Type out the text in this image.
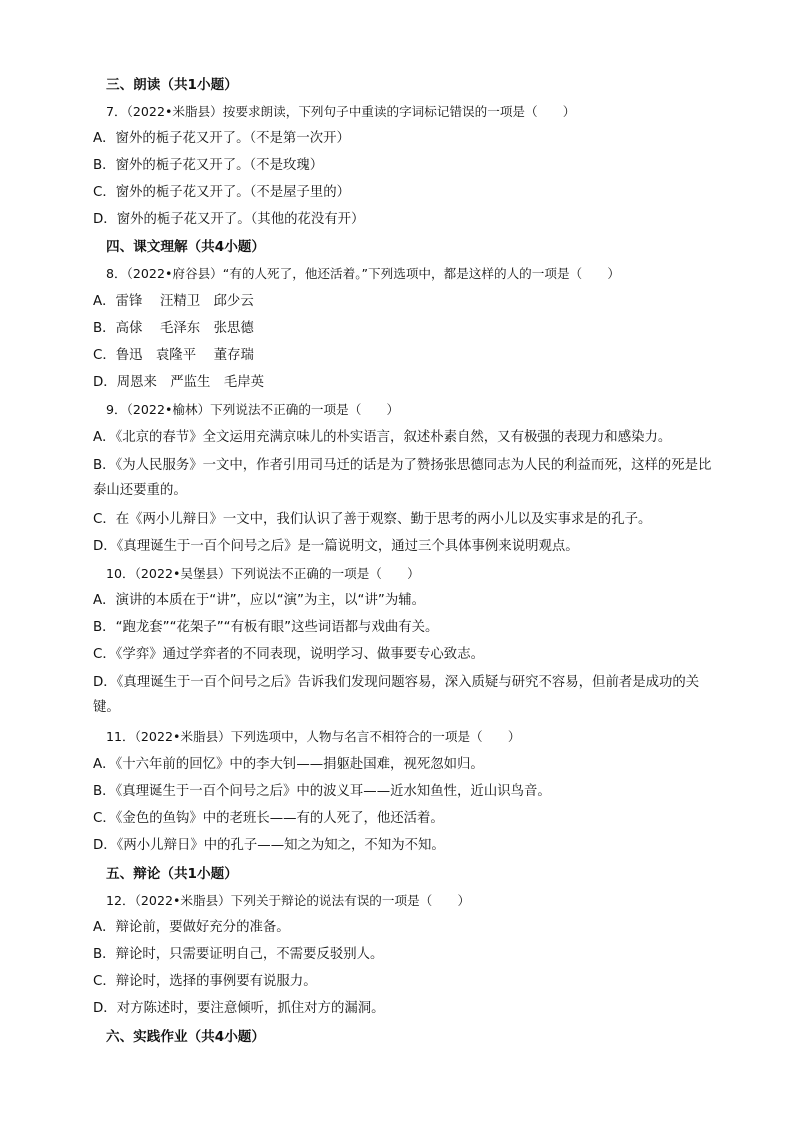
三、朗读（共1小题）
7．（2022•米脂县）按要求朗读，下列句子中重读的字词标记错误的一项是（　　）
A．窗外的栀子花又开了。（不是第一次开）
B．窗外的栀子花又开了。（不是玫瑰）
C．窗外的栀子花又开了。（不是屋子里的）
D．窗外的栀子花又开了。（其他的花没有开）
四、课文理解（共4小题）
8．（2022•府谷县）“有的人死了，他还活着。”下列选项中，都是这样的人的一项是（　　）
A．雷锋　 汪精卫　邱少云
B．高俅　 毛泽东　张思德
C．鲁迅　袁隆平　 董存瑞
D．周恩来　严监生　毛岸英
9．（2022•榆林）下列说法不正确的一项是（　　）
A．《北京的春节》全文运用充满京味儿的朴实语言，叙述朴素自然，又有极强的表现力和感染力。
B．《为人民服务》一文中，作者引用司马迁的话是为了赞扬张思德同志为人民的利益而死，这样的死是比泰山还要重的。
C．在《两小儿辩日》一文中，我们认识了善于观察、勤于思考的两小儿以及实事求是的孔子。
D．《真理诞生于一百个问号之后》是一篇说明文，通过三个具体事例来说明观点。
10．（2022•吴堡县）下列说法不正确的一项是（　　）
A．演讲的本质在于“讲”，应以“演”为主，以“讲”为辅。
B．“跑龙套”“花架子”“有板有眼”这些词语都与戏曲有关。
C．《学弈》通过学弈者的不同表现，说明学习、做事要专心致志。
D．《真理诞生于一百个问号之后》告诉我们发现问题容易，深入质疑与研究不容易，但前者是成功的关键。
11．（2022•米脂县）下列选项中，人物与名言不相符合的一项是（　　）
A．《十六年前的回忆》中的李大钊——捐躯赴国难，视死忽如归。
B．《真理诞生于一百个问号之后》中的波义耳——近水知鱼性，近山识鸟音。
C．《金色的鱼钩》中的老班长——有的人死了，他还活着。
D．《两小儿辩日》中的孔子——知之为知之，不知为不知。
五、辩论（共1小题）
12．（2022•米脂县）下列关于辩论的说法有误的一项是（　　）
A．辩论前，要做好充分的准备。
B．辩论时，只需要证明自己，不需要反驳别人。
C．辩论时，选择的事例要有说服力。
D．对方陈述时，要注意倾听，抓住对方的漏洞。
六、实践作业（共4小题）
